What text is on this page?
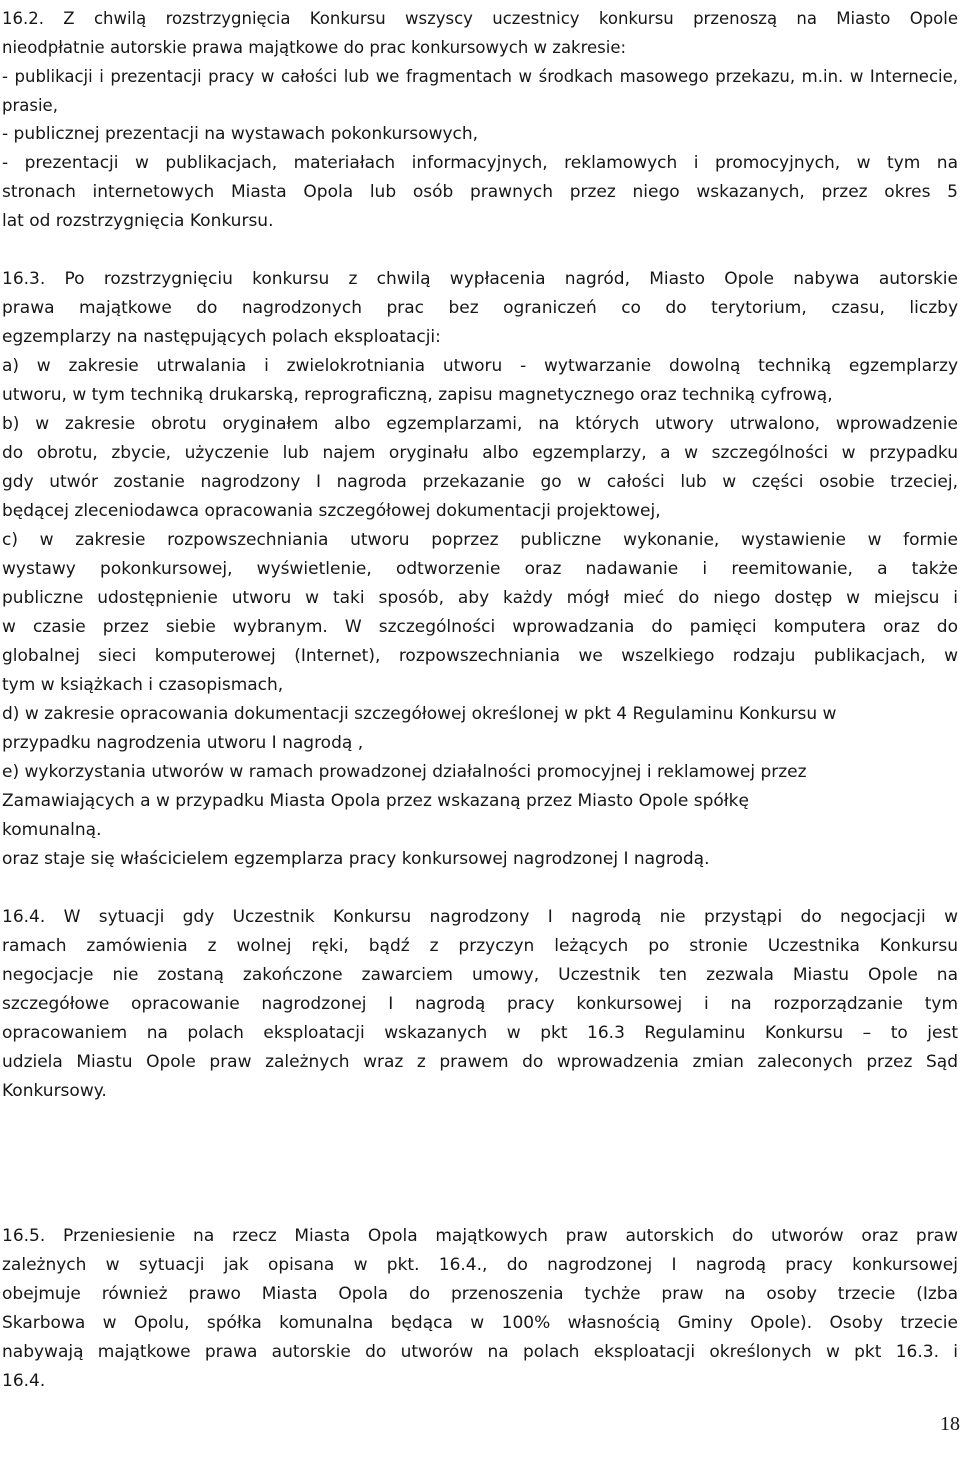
16.2. Z chwilą rozstrzygnięcia Konkursu wszyscy uczestnicy konkursu przenoszą na Miasto Opole
nieodpłatnie autorskie prawa majątkowe do prac konkursowych w zakresie:
- publikacji i prezentacji pracy w całości lub we fragmentach w środkach masowego przekazu, m.in. w Internecie, prasie,
- publicznej prezentacji na wystawach pokonkursowych,
- prezentacji w publikacjach, materiałach informacyjnych, reklamowych i promocyjnych, w tym na
stronach internetowych Miasta Opola lub osób prawnych przez niego wskazanych, przez okres 5
lat od rozstrzygnięcia Konkursu.
16.3. Po rozstrzygnięciu konkursu z chwilą wypłacenia nagród, Miasto Opole nabywa autorskie
prawa majątkowe do nagrodzonych prac bez ograniczeń co do terytorium, czasu, liczby
egzemplarzy na następujących polach eksploatacji:
a) w zakresie utrwalania i zwielokrotniania utworu - wytwarzanie dowolną techniką egzemplarzy
utworu, w tym techniką drukarską, reprograficzną, zapisu magnetycznego oraz techniką cyfrową,
b) w zakresie obrotu oryginałem albo egzemplarzami, na których utwory utrwalono, wprowadzenie
do obrotu, zbycie, użyczenie lub najem oryginału albo egzemplarzy, a w szczególności w przypadku
gdy utwór zostanie nagrodzony I nagroda przekazanie go w całości lub w części osobie trzeciej,
będącej zleceniodawca opracowania szczegółowej dokumentacji projektowej,
c) w zakresie rozpowszechniania utworu poprzez publiczne wykonanie, wystawienie w formie
wystawy pokonkursowej, wyświetlenie, odtworzenie oraz nadawanie i reemitowanie, a także
publiczne udostępnienie utworu w taki sposób, aby każdy mógł mieć do niego dostęp w miejscu i
w czasie przez siebie wybranym. W szczególności wprowadzania do pamięci komputera oraz do
globalnej sieci komputerowej (Internet), rozpowszechniania we wszelkiego rodzaju publikacjach, w
tym w książkach i czasopismach,
d) w zakresie opracowania dokumentacji szczegółowej określonej w pkt 4 Regulaminu Konkursu w
przypadku nagrodzenia utworu I nagrodą ,
e) wykorzystania utworów w ramach prowadzonej działalności promocyjnej i reklamowej przez
Zamawiających a w przypadku Miasta Opola przez wskazaną przez Miasto Opole spółkę
komunalną.
oraz staje się właścicielem egzemplarza pracy konkursowej nagrodzonej I nagrodą.
16.4. W sytuacji gdy Uczestnik Konkursu nagrodzony I nagrodą nie przystąpi do negocjacji w
ramach zamówienia z wolnej ręki, bądź z przyczyn leżących po stronie Uczestnika Konkursu
negocjacje nie zostaną zakończone zawarciem umowy, Uczestnik ten zezwala Miastu Opole na
szczegółowe opracowanie nagrodzonej I nagrodą pracy konkursowej i na rozporządzanie tym
opracowaniem na polach eksploatacji wskazanych w pkt 16.3 Regulaminu Konkursu – to jest
udziela Miastu Opole praw zależnych wraz z prawem do wprowadzenia zmian zaleconych przez Sąd
Konkursowy.
16.5. Przeniesienie na rzecz Miasta Opola majątkowych praw autorskich do utworów oraz praw
zależnych w sytuacji jak opisana w pkt. 16.4., do nagrodzonej I nagrodą pracy konkursowej
obejmuje również prawo Miasta Opola do przenoszenia tychże praw na osoby trzecie (Izba
Skarbowa w Opolu, spółka komunalna będąca w 100% własnością Gminy Opole). Osoby trzecie
nabywają majątkowe prawa autorskie do utworów na polach eksploatacji określonych w pkt 16.3. i
16.4.
18
